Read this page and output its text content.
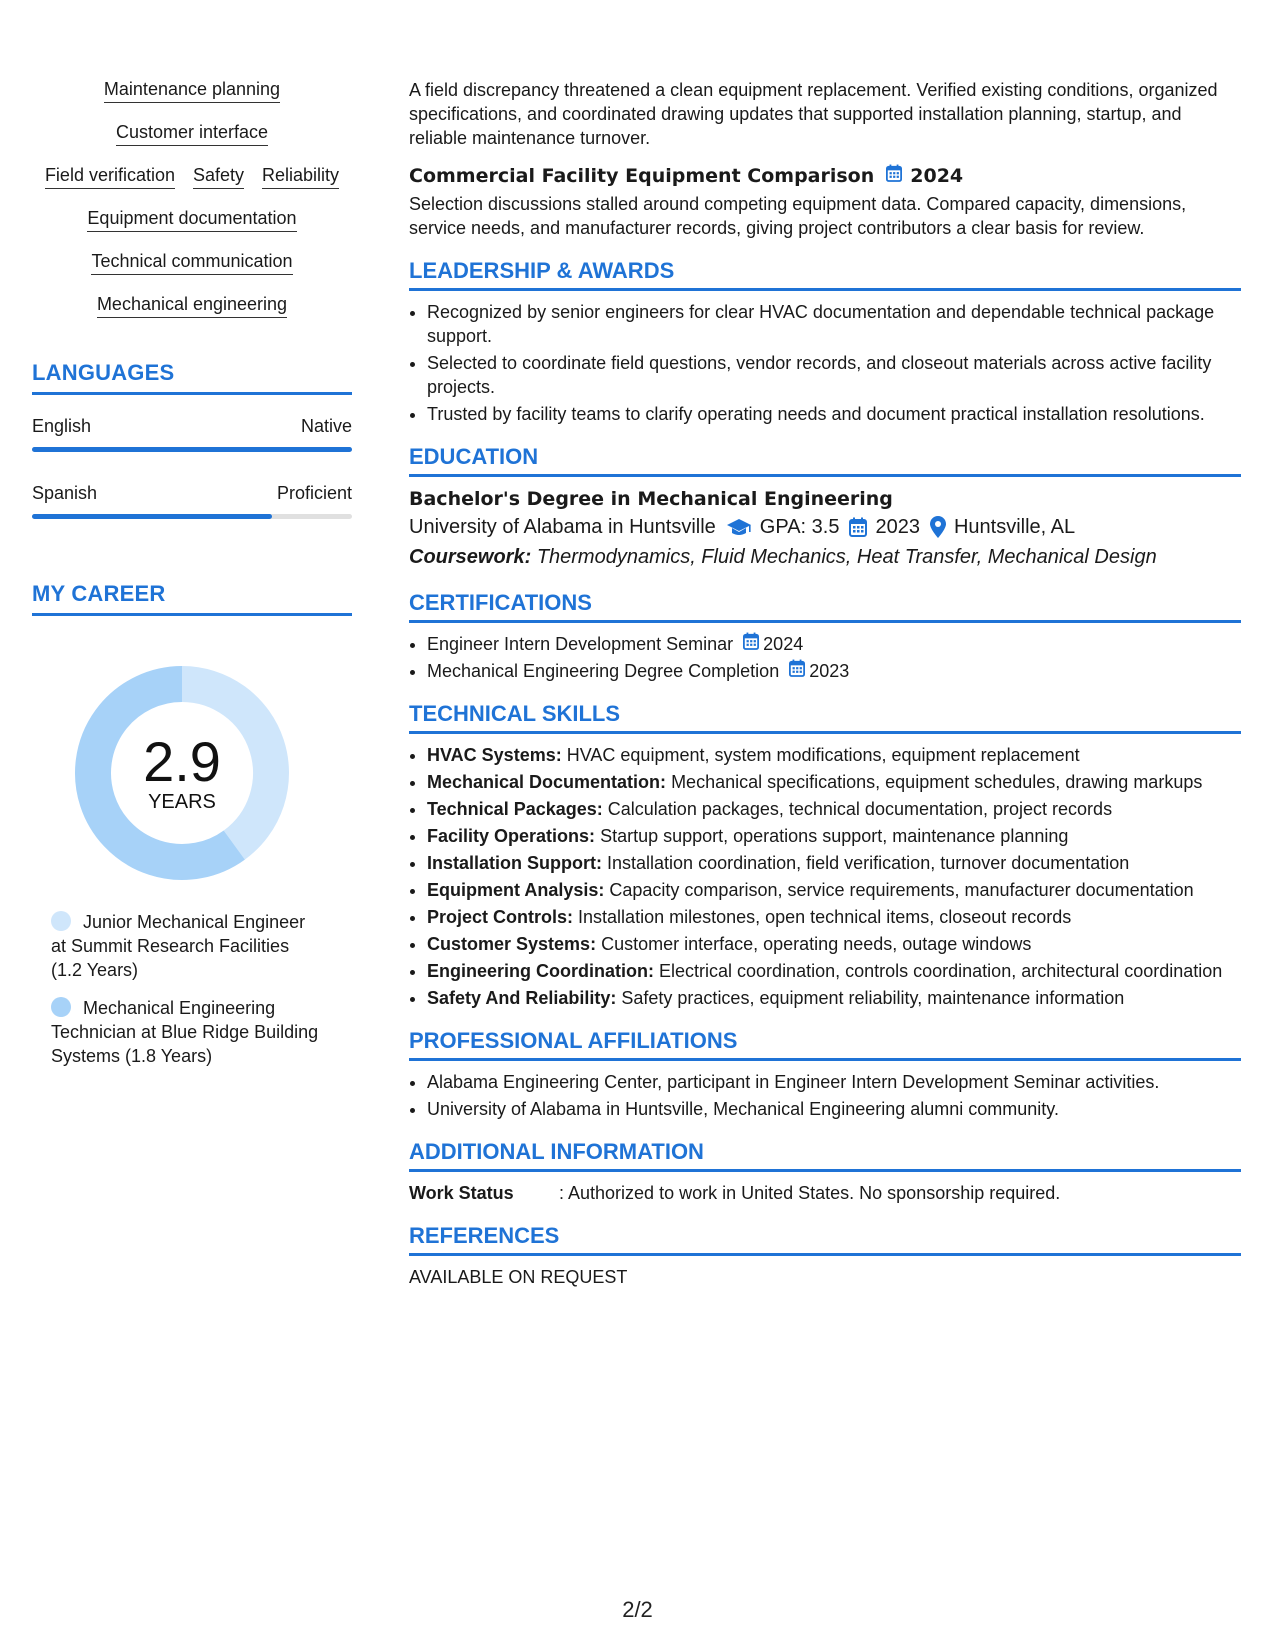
Maintenance planning
Customer interface
Field verification Safety Reliability
Equipment documentation
Technical communication
Mechanical engineering
LANGUAGES
English	Native
Spanish	Proficient
MY CAREER
2.9
YEARS
Junior Mechanical Engineer at Summit Research Facilities (1.2 Years)
Mechanical Engineering Technician at Blue Ridge Building Systems (1.8 Years)
A field discrepancy threatened a clean equipment replacement. Verified existing conditions, organized specifications, and coordinated drawing updates that supported installation planning, startup, and reliable maintenance turnover.
Commercial Facility Equipment Comparison 2024
Selection discussions stalled around competing equipment data. Compared capacity, dimensions, service needs, and manufacturer records, giving project contributors a clear basis for review.
LEADERSHIP & AWARDS
• Recognized by senior engineers for clear HVAC documentation and dependable technical package support.
• Selected to coordinate field questions, vendor records, and closeout materials across active facility projects.
• Trusted by facility teams to clarify operating needs and document practical installation resolutions.
EDUCATION
Bachelor's Degree in Mechanical Engineering
University of Alabama in Huntsville GPA: 3.5 2023 Huntsville, AL
Coursework: Thermodynamics, Fluid Mechanics, Heat Transfer, Mechanical Design
CERTIFICATIONS
• Engineer Intern Development Seminar 2024
• Mechanical Engineering Degree Completion 2023
TECHNICAL SKILLS
• HVAC Systems: HVAC equipment, system modifications, equipment replacement
• Mechanical Documentation: Mechanical specifications, equipment schedules, drawing markups
• Technical Packages: Calculation packages, technical documentation, project records
• Facility Operations: Startup support, operations support, maintenance planning
• Installation Support: Installation coordination, field verification, turnover documentation
• Equipment Analysis: Capacity comparison, service requirements, manufacturer documentation
• Project Controls: Installation milestones, open technical items, closeout records
• Customer Systems: Customer interface, operating needs, outage windows
• Engineering Coordination: Electrical coordination, controls coordination, architectural coordination
• Safety And Reliability: Safety practices, equipment reliability, maintenance information
PROFESSIONAL AFFILIATIONS
• Alabama Engineering Center, participant in Engineer Intern Development Seminar activities.
• University of Alabama in Huntsville, Mechanical Engineering alumni community.
ADDITIONAL INFORMATION
Work Status	: Authorized to work in United States. No sponsorship required.
REFERENCES
AVAILABLE ON REQUEST
2/2
